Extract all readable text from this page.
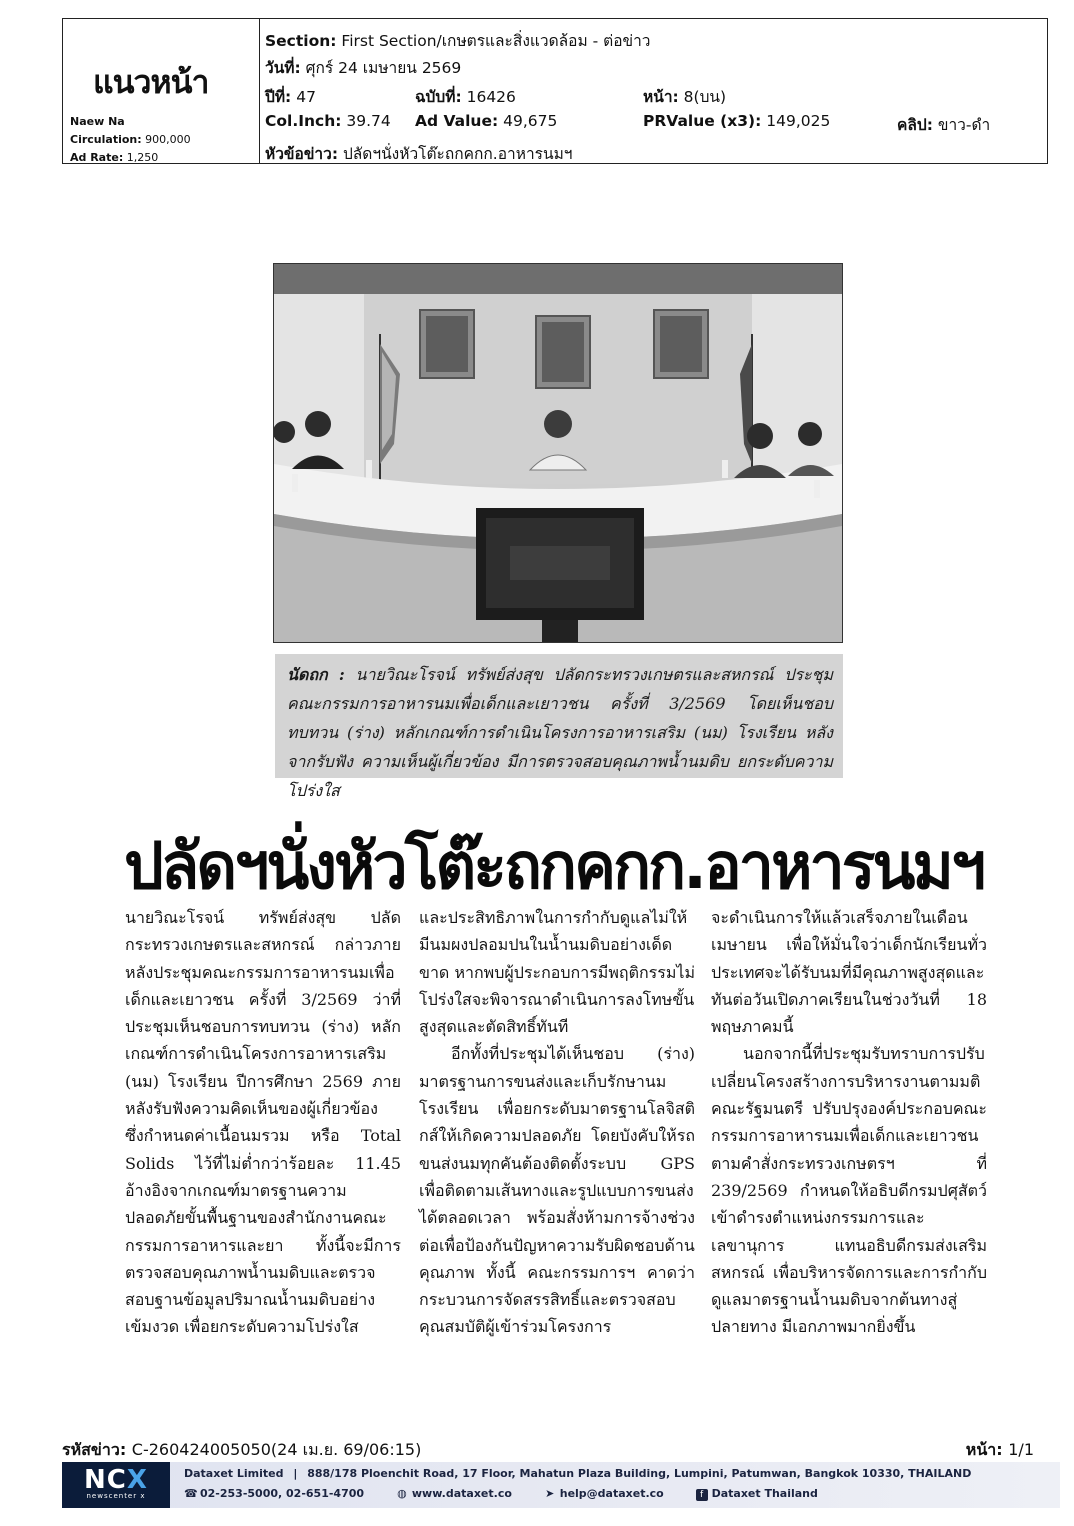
แนวหน้า
Naew Na
Circulation: 900,000
Ad Rate: 1,250
Section: First Section/เกษตรและสิ่งแวดล้อม - ต่อข่าว
วันที่: ศุกร์ 24 เมษายน 2569
ปีที่: 47	ฉบับที่: 16426	หน้า: 8(บน)
Col.Inch: 39.74 Ad Value: 49,675	PRValue (x3): 149,025	คลิป: ขาว-ดำ
หัวข้อข่าว: ปลัดฯนั่งหัวโต๊ะถกคกก.อาหารนมฯ
นัดถก : นายวิณะโรจน์ ทรัพย์ส่งสุข ปลัดกระทรวงเกษตรและสหกรณ์ ประชุม คณะกรรมการอาหารนมเพื่อเด็กและเยาวชน ครั้งที่ 3/2569 โดยเห็นชอบทบทวน (ร่าง) หลักเกณฑ์การดำเนินโครงการอาหารเสริม (นม) โรงเรียน หลังจากรับฟัง ความเห็นผู้เกี่ยวข้อง มีการตรวจสอบคุณภาพน้ำนมดิบ ยกระดับความโปร่งใส
ปลัดฯนั่งหัวโต๊ะถกคกก.อาหารนมฯ

นายวิณะโรจน์ ทรัพย์ส่งสุข ปลัดกระทรวงเกษตรและสหกรณ์ กล่าวภายหลังประชุมคณะกรรมการอาหารนมเพื่อเด็กและเยาวชน ครั้งที่ 3/2569 ว่าที่ประชุมเห็นชอบการทบทวน (ร่าง) หลักเกณฑ์การดำเนินโครงการอาหารเสริม (นม) โรงเรียน ปีการศึกษา 2569 ภายหลังรับฟังความคิดเห็นของผู้เกี่ยวข้อง ซึ่งกำหนดค่าเนื้อนมรวม หรือ Total Solids ไว้ที่ไม่ต่ำกว่าร้อยละ 11.45 อ้างอิงจากเกณฑ์มาตรฐานความปลอดภัยขั้นพื้นฐานของสำนักงานคณะกรรมการอาหารและยา ทั้งนี้จะมีการตรวจสอบคุณภาพน้ำนมดิบและตรวจสอบฐานข้อมูลปริมาณน้ำนมดิบอย่างเข้มงวด เพื่อยกระดับความโปร่งใส

และประสิทธิภาพในการกำกับดูแลไม่ให้มีนมผงปลอมปนในน้ำนมดิบอย่างเด็ดขาด หากพบผู้ประกอบการมีพฤติกรรมไม่โปร่งใสจะพิจารณาดำเนินการลงโทษขั้นสูงสุดและตัดสิทธิ์ทันที

อีกทั้งที่ประชุมได้เห็นชอบ (ร่าง) มาตรฐานการขนส่งและเก็บรักษานมโรงเรียน เพื่อยกระดับมาตรฐานโลจิสติกส์ให้เกิดความปลอดภัย โดยบังคับให้รถขนส่งนมทุกคันต้องติดตั้งระบบ GPS เพื่อติดตามเส้นทางและรูปแบบการขนส่งได้ตลอดเวลา พร้อมสั่งห้ามการจ้างช่วงต่อเพื่อป้องกันปัญหาความรับผิดชอบด้านคุณภาพ ทั้งนี้ คณะกรรมการฯ คาดว่ากระบวนการจัดสรรสิทธิ์และตรวจสอบคุณสมบัติผู้เข้าร่วมโครงการ

จะดำเนินการให้แล้วเสร็จภายในเดือนเมษายน เพื่อให้มั่นใจว่าเด็กนักเรียนทั่วประเทศจะได้รับนมที่มีคุณภาพสูงสุดและทันต่อวันเปิดภาคเรียนในช่วงวันที่ 18 พฤษภาคมนี้

นอกจากนี้ที่ประชุมรับทราบการปรับเปลี่ยนโครงสร้างการบริหารงานตามมติคณะรัฐมนตรี ปรับปรุงองค์ประกอบคณะกรรมการอาหารนมเพื่อเด็กและเยาวชน ตามคำสั่งกระทรวงเกษตรฯ ที่ 239/2569 กำหนดให้อธิบดีกรมปศุสัตว์ เข้าดำรงตำแหน่งกรรมการและเลขานุการ แทนอธิบดีกรมส่งเสริมสหกรณ์ เพื่อบริหารจัดการและการกำกับดูแลมาตรฐานน้ำนมดิบจากต้นทางสู่ปลายทาง มีเอกภาพมากยิ่งขึ้น

รหัสข่าว: C-260424005050(24 เม.ย. 69/06:15)	หน้า: 1/1
NCX
newscenter x
Dataxet Limited | 888/178 Ploenchit Road, 17 Floor, Mahatun Plaza Building, Lumpini, Patumwan, Bangkok 10330, THAILAND
☎ 02-253-5000, 02-651-4700	◍ www.dataxet.co	➤ help@dataxet.co	f Dataxet Thailand
